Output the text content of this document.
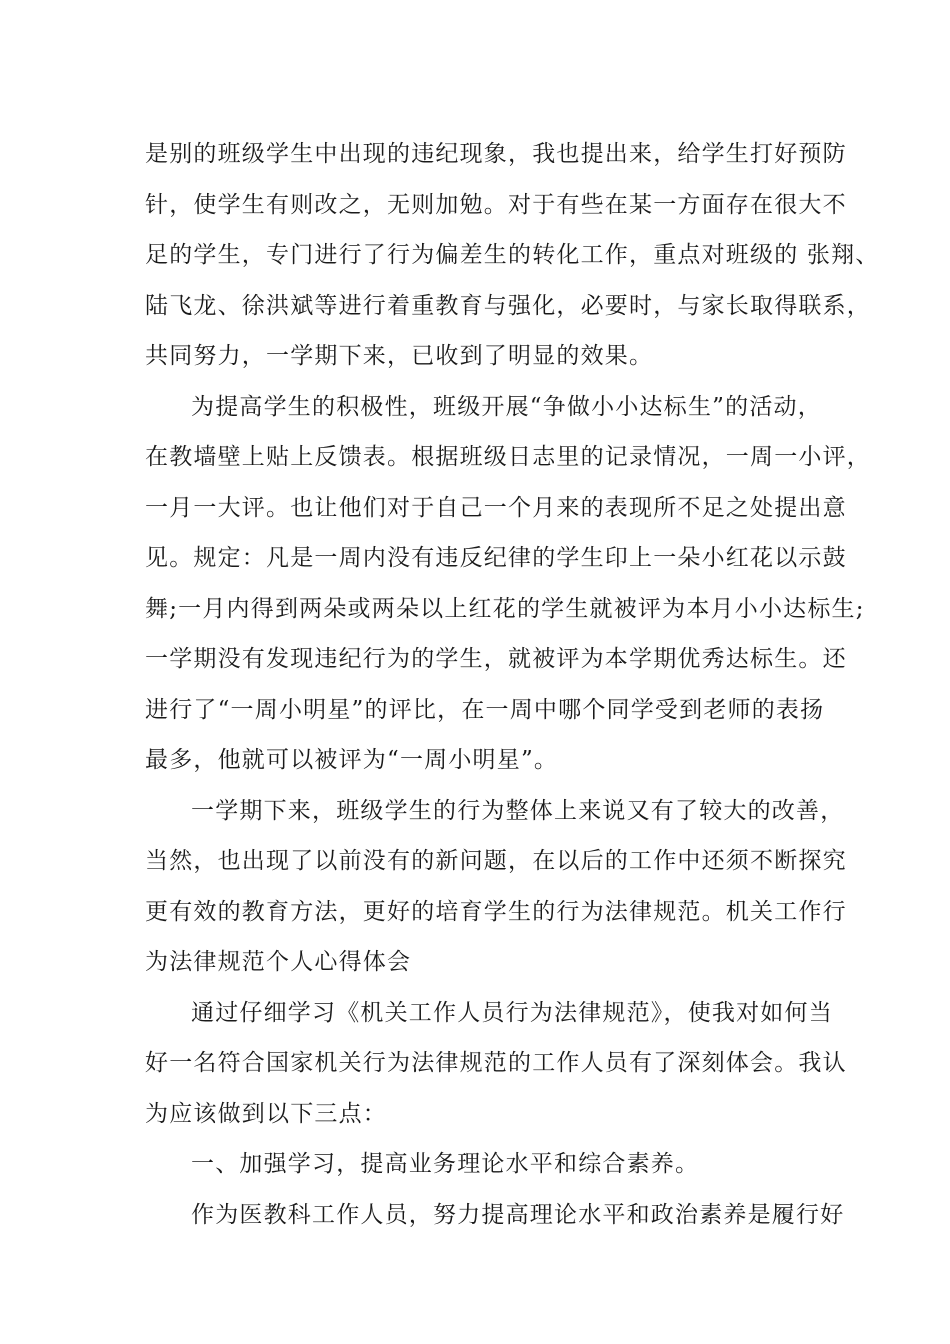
是别的班级学生中出现的违纪现象，我也提出来，给学生打好预防
针，使学生有则改之，无则加勉。对于有些在某一方面存在很大不
足的学生，专门进行了行为偏差生的转化工作，重点对班级的 张翔、
陆飞龙、徐洪斌等进行着重教育与强化，必要时，与家长取得联系，
共同努力，一学期下来，已收到了明显的效果。
为提高学生的积极性，班级开展“争做小小达标生”的活动，
在教墙壁上贴上反馈表。根据班级日志里的记录情况，一周一小评，
一月一大评。也让他们对于自己一个月来的表现所不足之处提出意
见。规定：凡是一周内没有违反纪律的学生印上一朵小红花以示鼓
舞;一月内得到两朵或两朵以上红花的学生就被评为本月小小达标生;
一学期没有发现违纪行为的学生，就被评为本学期优秀达标生。还
进行了“一周小明星”的评比，在一周中哪个同学受到老师的表扬
最多，他就可以被评为“一周小明星”。
一学期下来，班级学生的行为整体上来说又有了较大的改善，
当然，也出现了以前没有的新问题，在以后的工作中还须不断探究
更有效的教育方法，更好的培育学生的行为法律规范。机关工作行
为法律规范个人心得体会
通过仔细学习《机关工作人员行为法律规范》，使我对如何当
好一名符合国家机关行为法律规范的工作人员有了深刻体会。我认
为应该做到以下三点：
一、加强学习，提高业务理论水平和综合素养。
作为医教科工作人员，努力提高理论水平和政治素养是履行好
